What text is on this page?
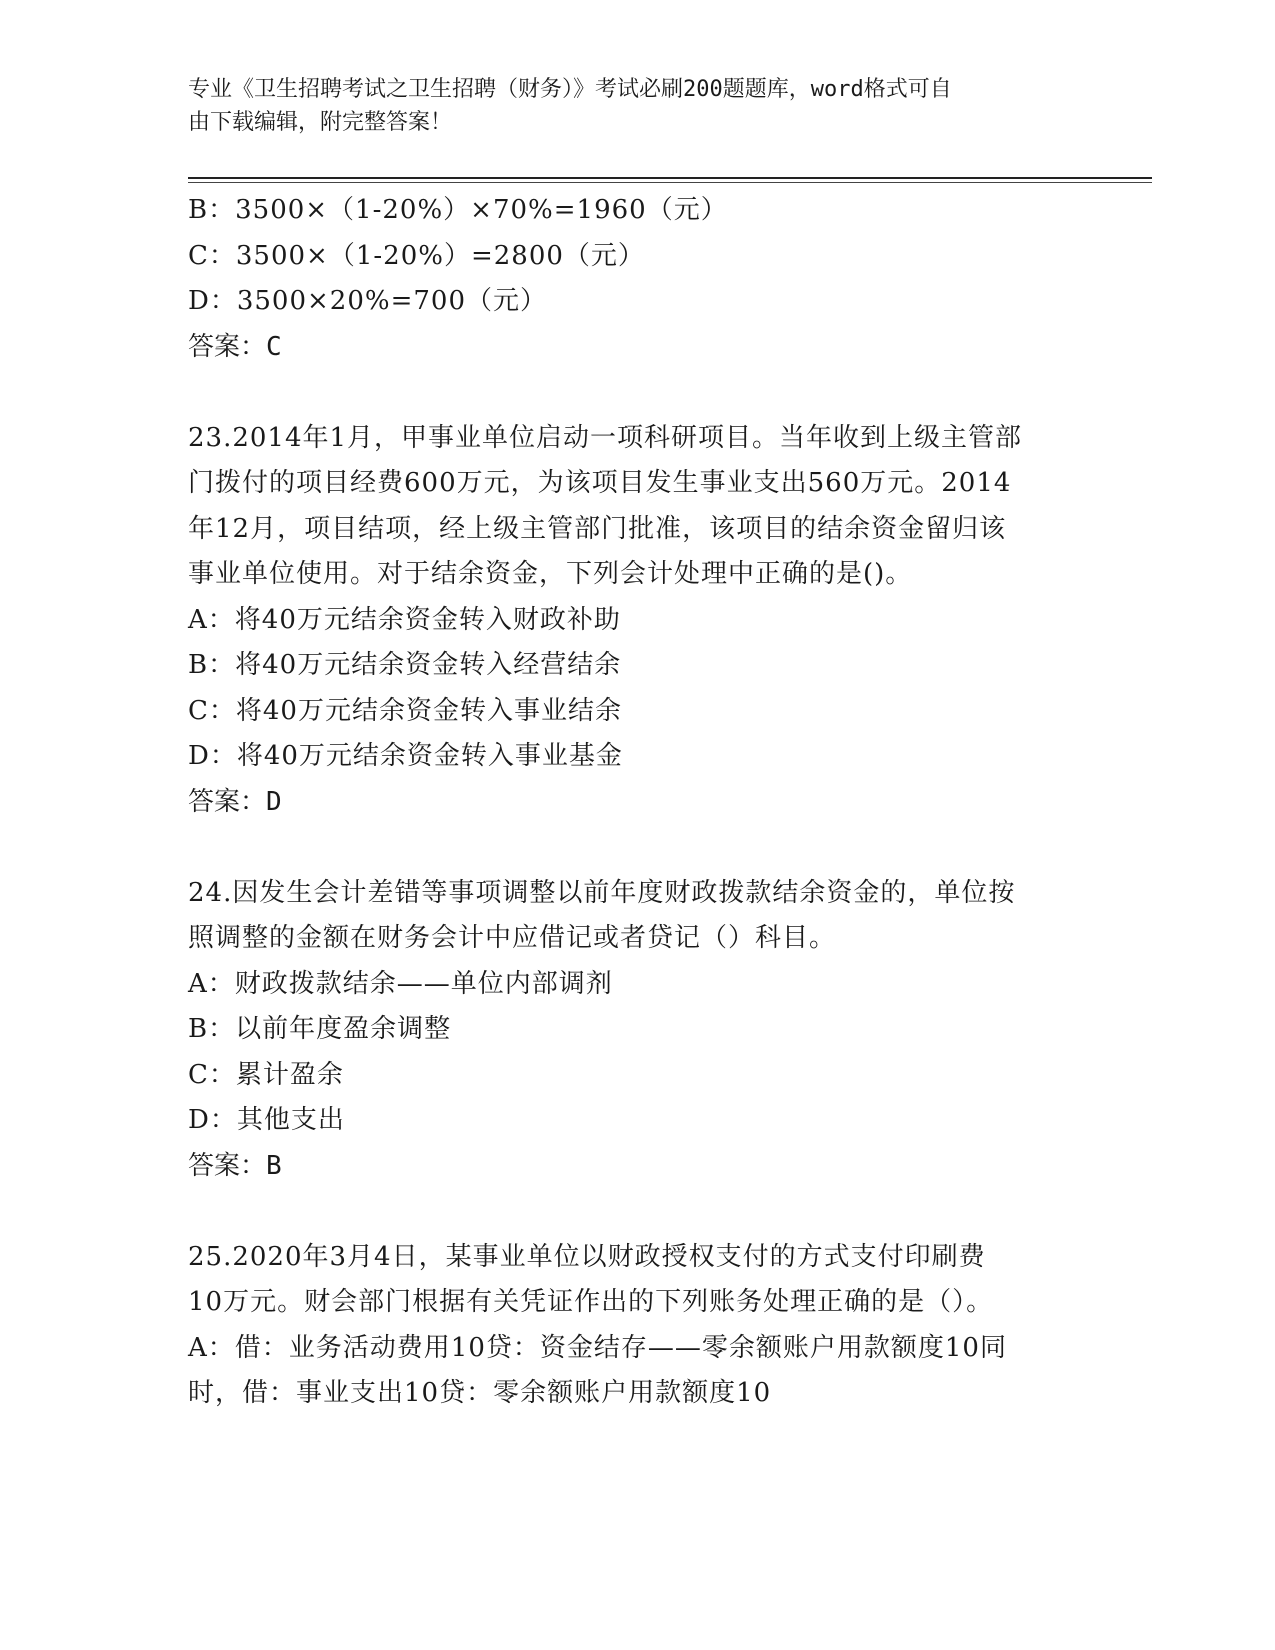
专业《卫生招聘考试之卫生招聘（财务）》考试必刷200题题库，word格式可自
由下载编辑，附完整答案！
B：3500×（1-20%）×70%=1960（元）
C：3500×（1-20%）=2800（元）
D：3500×20%=700（元）
答案：C
23.2014年1月，甲事业单位启动一项科研项目。当年收到上级主管部
门拨付的项目经费600万元，为该项目发生事业支出560万元。2014
年12月，项目结项，经上级主管部门批准，该项目的结余资金留归该
事业单位使用。对于结余资金，下列会计处理中正确的是()。
A：将40万元结余资金转入财政补助
B：将40万元结余资金转入经营结余
C：将40万元结余资金转入事业结余
D：将40万元结余资金转入事业基金
答案：D
24.因发生会计差错等事项调整以前年度财政拨款结余资金的，单位按
照调整的金额在财务会计中应借记或者贷记（）科目。
A：财政拨款结余——单位内部调剂
B：以前年度盈余调整
C：累计盈余
D：其他支出
答案：B
25.2020年3月4日，某事业单位以财政授权支付的方式支付印刷费
10万元。财会部门根据有关凭证作出的下列账务处理正确的是（）。
A：借：业务活动费用10贷：资金结存——零余额账户用款额度10同
时，借：事业支出10贷：零余额账户用款额度10
